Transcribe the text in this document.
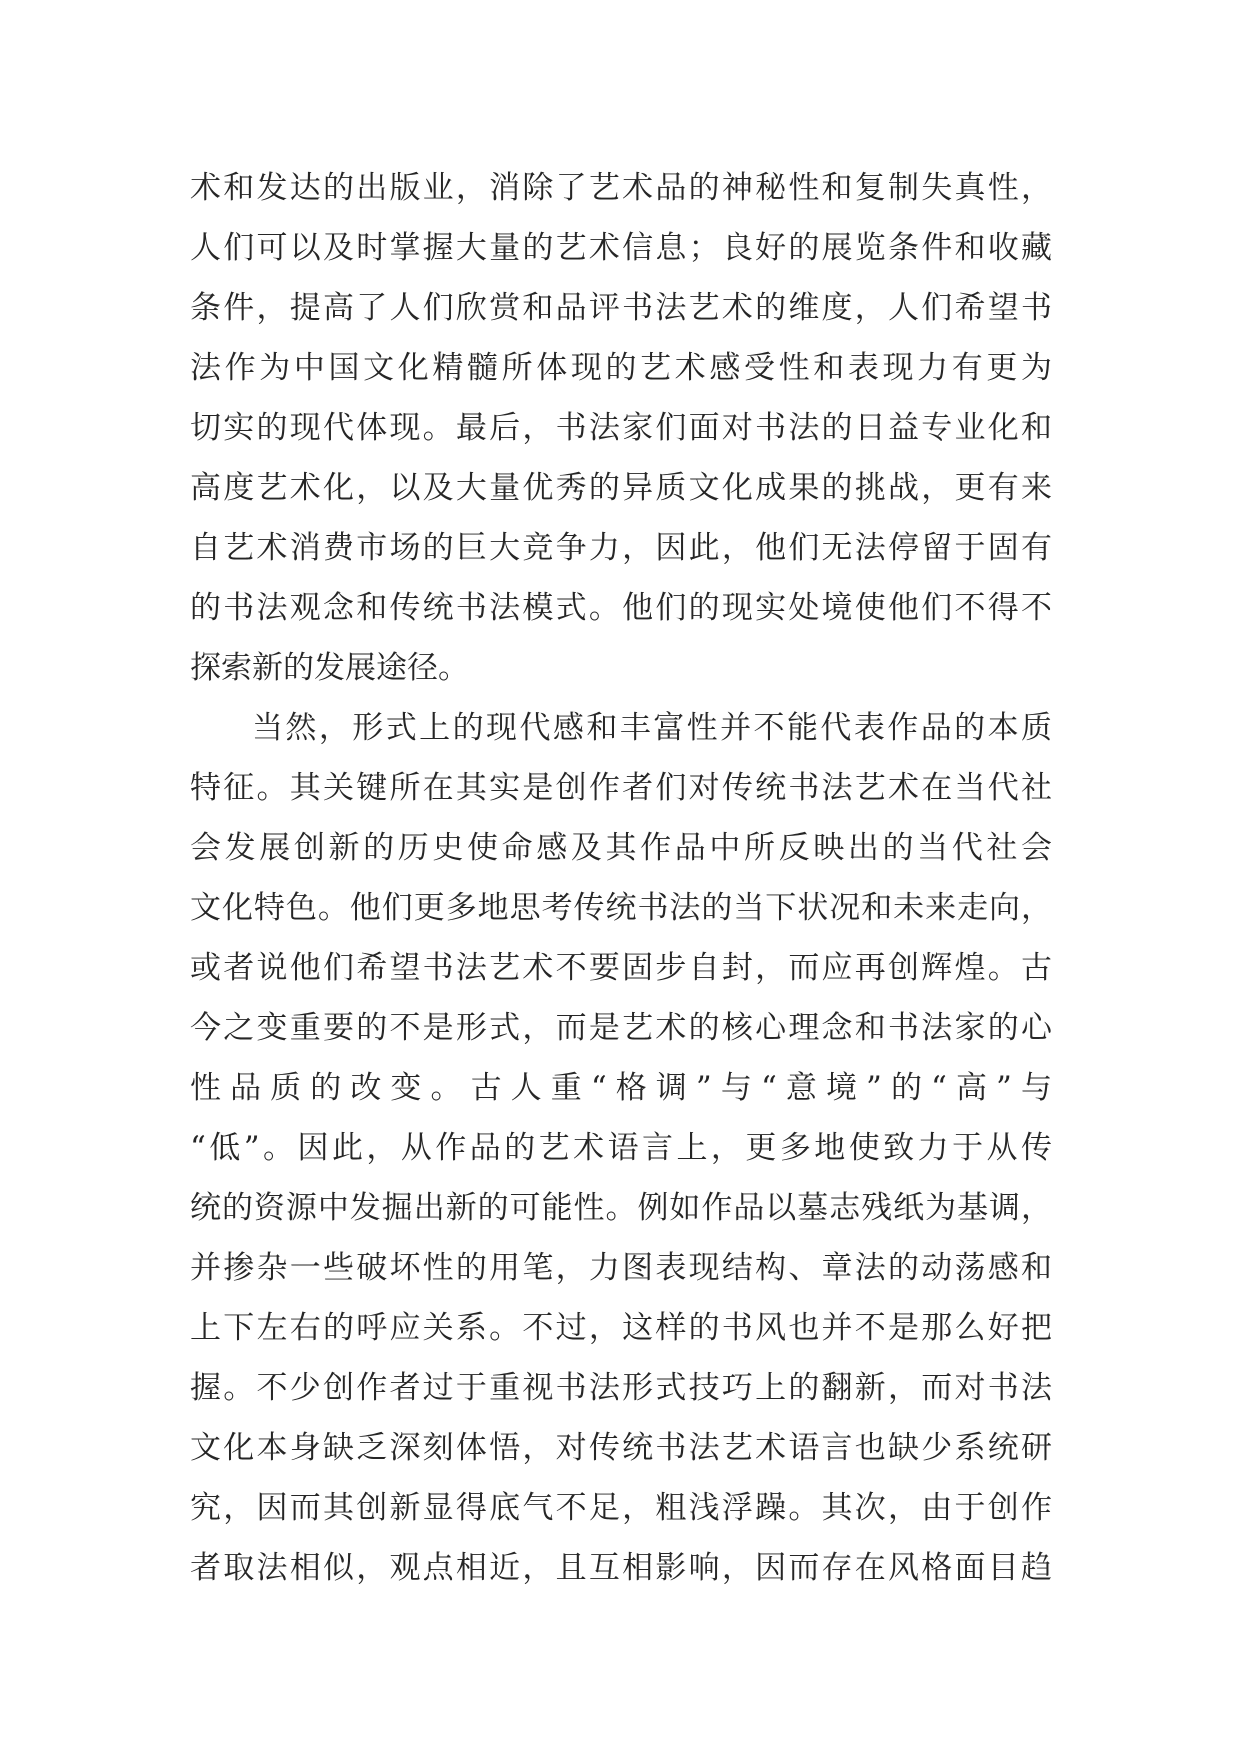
术和发达的出版业，消除了艺术品的神秘性和复制失真性，
人们可以及时掌握大量的艺术信息；良好的展览条件和收藏
条件，提高了人们欣赏和品评书法艺术的维度，人们希望书
法作为中国文化精髓所体现的艺术感受性和表现力有更为
切实的现代体现。最后，书法家们面对书法的日益专业化和
高度艺术化，以及大量优秀的异质文化成果的挑战，更有来
自艺术消费市场的巨大竞争力，因此，他们无法停留于固有
的书法观念和传统书法模式。他们的现实处境使他们不得不
探索新的发展途径。
当然，形式上的现代感和丰富性并不能代表作品的本质
特征。其关键所在其实是创作者们对传统书法艺术在当代社
会发展创新的历史使命感及其作品中所反映出的当代社会
文化特色。他们更多地思考传统书法的当下状况和未来走向，
或者说他们希望书法艺术不要固步自封，而应再创辉煌。古
今之变重要的不是形式，而是艺术的核心理念和书法家的心
性品质的改变。古人重“格调”与“意境”的“高”与
“低”。因此，从作品的艺术语言上，更多地使致力于从传
统的资源中发掘出新的可能性。例如作品以墓志残纸为基调，
并掺杂一些破坏性的用笔，力图表现结构、章法的动荡感和
上下左右的呼应关系。不过，这样的书风也并不是那么好把
握。不少创作者过于重视书法形式技巧上的翻新，而对书法
文化本身缺乏深刻体悟，对传统书法艺术语言也缺少系统研
究，因而其创新显得底气不足，粗浅浮躁。其次，由于创作
者取法相似，观点相近，且互相影响，因而存在风格面目趋
